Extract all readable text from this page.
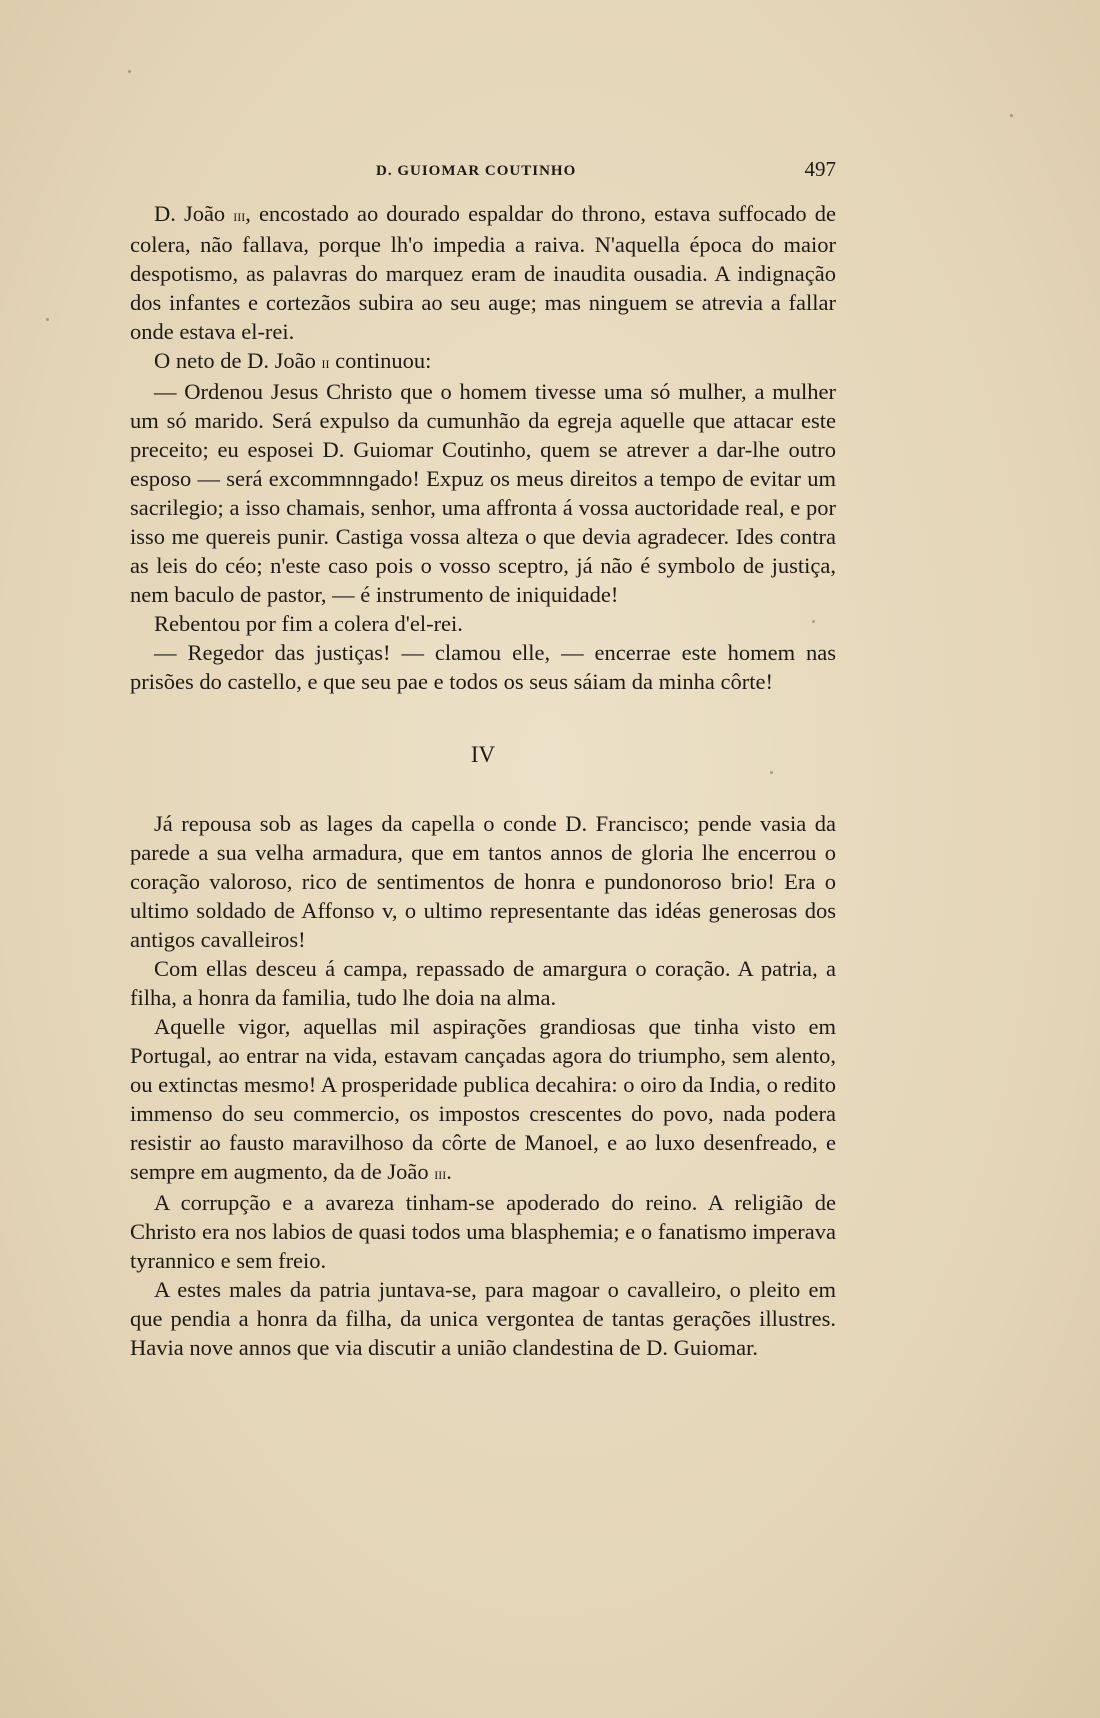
D. GUIOMAR COUTINHO	497

D. João iii, encostado ao dourado espaldar do throno, estava suffocado de colera, não fallava, porque lh'o impedia a raiva. N'aquella época do maior despotismo, as palavras do marquez eram de inaudita ousadia. A indignação dos infantes e cortezãos subira ao seu auge; mas ninguem se atrevia a fallar onde estava el-rei.

O neto de D. João ii continuou:

— Ordenou Jesus Christo que o homem tivesse uma só mulher, a mulher um só marido. Será expulso da cumunhão da egreja aquelle que attacar este preceito; eu esposei D. Guiomar Coutinho, quem se atrever a dar-lhe outro esposo — será excommnngado! Expuz os meus direitos a tempo de evitar um sacrilegio; a isso chamais, senhor, uma affronta á vossa auctoridade real, e por isso me quereis punir. Castiga vossa alteza o que devia agradecer. Ides contra as leis do céo; n'este caso pois o vosso sceptro, já não é symbolo de justiça, nem baculo de pastor, — é instrumento de iniquidade!

Rebentou por fim a colera d'el-rei.

— Regedor das justiças! — clamou elle, — encerrae este homem nas prisões do castello, e que seu pae e todos os seus sáiam da minha côrte!

IV

Já repousa sob as lages da capella o conde D. Francisco; pende vasia da parede a sua velha armadura, que em tantos annos de gloria lhe encerrou o coração valoroso, rico de sentimentos de honra e pundonoroso brio! Era o ultimo soldado de Affonso v, o ultimo representante das idéas generosas dos antigos cavalleiros!

Com ellas desceu á campa, repassado de amargura o coração. A patria, a filha, a honra da familia, tudo lhe doia na alma.

Aquelle vigor, aquellas mil aspirações grandiosas que tinha visto em Portugal, ao entrar na vida, estavam cançadas agora do triumpho, sem alento, ou extinctas mesmo! A prosperidade publica decahira: o oiro da India, o redito immenso do seu commercio, os impostos crescentes do povo, nada podera resistir ao fausto maravilhoso da côrte de Manoel, e ao luxo desenfreado, e sempre em augmento, da de João iii.

A corrupção e a avareza tinham-se apoderado do reino. A religião de Christo era nos labios de quasi todos uma blasphemia; e o fanatismo imperava tyrannico e sem freio.

A estes males da patria juntava-se, para magoar o cavalleiro, o pleito em que pendia a honra da filha, da unica vergontea de tantas gerações illustres. Havia nove annos que via discutir a união clandestina de D. Guiomar.
